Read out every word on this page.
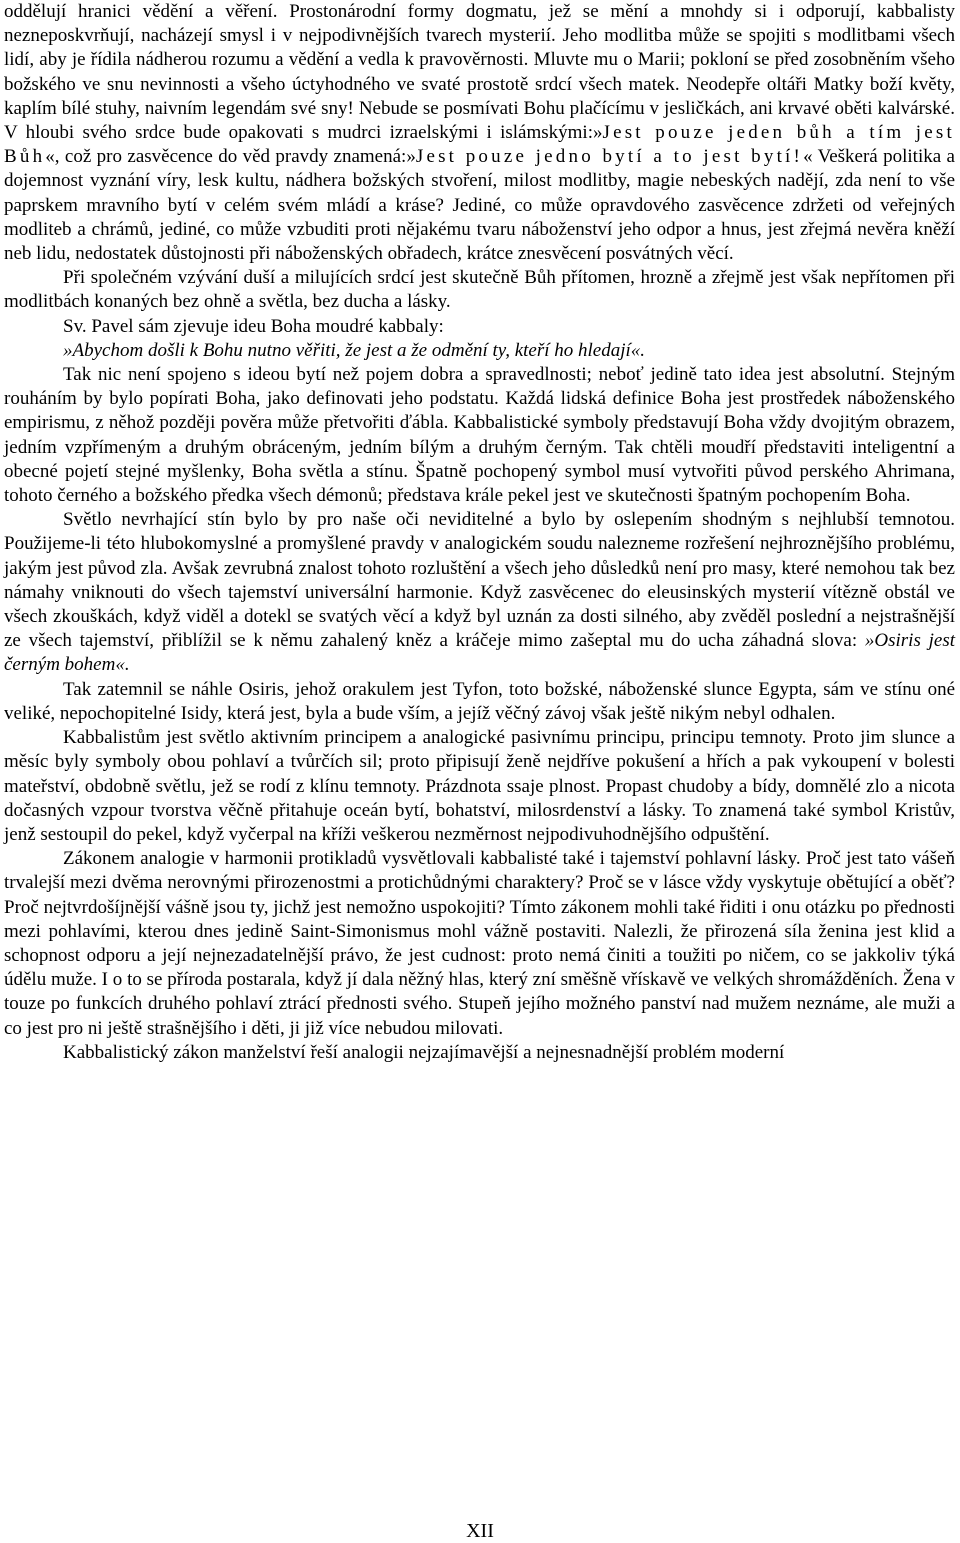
oddělují hranici vědění a věření. Prostonárodní formy dogmatu, jež se mění a mnohdy si i odporují, kabbalisty nezneposkvrňují, nacházejí smysl i v nejpodivnějších tvarech mysterií. Jeho modlitba může se spojiti s modlitbami všech lidí, aby je řídila nádherou rozumu a vědění a vedla k pravověrnosti. Mluvte mu o Marii; pokloní se před zosobněním všeho božského ve snu nevinnosti a všeho úctyhodného ve svaté prostotě srdcí všech matek. Neodepře oltáři Matky boží květy, kaplím bílé stuhy, naivním legendám své sny! Nebude se posmívati Bohu plačícímu v jesličkách, ani krvavé oběti kalvárské. V hloubi svého srdce bude opakovati s mudrci izraelskými i islámskými:»Jest pouze jeden bůh a tím jest Bůh«, což pro zasvěcence do věd pravdy znamená:»Jest pouze jedno bytí a to jest bytí!« Veškerá politika a dojemnost vyznání víry, lesk kultu, nádhera božských stvoření, milost modlitby, magie nebeských nadějí, zda není to vše paprskem mravního bytí v celém svém mládí a kráse? Jediné, co může opravdového zasvěcence zdržeti od veřejných modliteb a chrámů, jediné, co může vzbuditi proti nějakému tvaru náboženství jeho odpor a hnus, jest zřejmá nevěra kněží neb lidu, nedostatek důstojnosti při náboženských obřadech, krátce znesvěcení posvátných věcí.

Při společném vzývání duší a milujících srdcí jest skutečně Bůh přítomen, hrozně a zřejmě jest však nepřítomen při modlitbách konaných bez ohně a světla, bez ducha a lásky.

Sv. Pavel sám zjevuje ideu Boha moudré kabbaly:

»Abychom došli k Bohu nutno věřiti, že jest a že odmění ty, kteří ho hledají«.

Tak nic není spojeno s ideou bytí než pojem dobra a spravedlnosti; neboť jedině tato idea jest absolutní. Stejným rouháním by bylo popírati Boha, jako definovati jeho podstatu. Každá lidská definice Boha jest prostředek náboženského empirismu, z něhož později pověra může přetvořiti ďábla. Kabbalistické symboly představují Boha vždy dvojitým obrazem, jedním vzpřímeným a druhým obráceným, jedním bílým a druhým černým. Tak chtěli moudří představiti inteligentní a obecné pojetí stejné myšlenky, Boha světla a stínu. Špatně pochopený symbol musí vytvořiti původ perského Ahrimana, tohoto černého a božského předka všech démonů; představa krále pekel jest ve skutečnosti špatným pochopením Boha.

Světlo nevrhající stín bylo by pro naše oči neviditelné a bylo by oslepením shodným s nejhlubší temnotou. Použijeme-li této hlubokomyslné a promyšlené pravdy v analogickém soudu nalezneme rozřešení nejhroznějšího problému, jakým jest původ zla. Avšak zevrubná znalost tohoto rozluštění a všech jeho důsledků není pro masy, které nemohou tak bez námahy vniknouti do všech tajemství universální harmonie. Když zasvěcenec do eleusinských mysterií vítězně obstál ve všech zkouškách, když viděl a dotekl se svatých věcí a když byl uznán za dosti silného, aby zvěděl poslední a nejstrašnější ze všech tajemství, přiblížil se k němu zahalený kněz a kráčeje mimo zašeptal mu do ucha záhadná slova: »Osiris jest černým bohem«.

Tak zatemnil se náhle Osiris, jehož orakulem jest Tyfon, toto božské, náboženské slunce Egypta, sám ve stínu oné veliké, nepochopitelné Isidy, která jest, byla a bude vším, a jejíž věčný závoj však ještě nikým nebyl odhalen.

Kabbalistům jest světlo aktivním principem a analogické pasivnímu principu, principu temnoty. Proto jim slunce a měsíc byly symboly obou pohlaví a tvůrčích sil; proto připisují ženě nejdříve pokušení a hřích a pak vykoupení v bolesti mateřství, obdobně světlu, jež se rodí z klínu temnoty. Prázdnota ssaje plnost. Propast chudoby a bídy, domnělé zlo a nicota dočasných vzpour tvorstva věčně přitahuje oceán bytí, bohatství, milosrdenství a lásky. To znamená také symbol Kristův, jenž sestoupil do pekel, když vyčerpal na kříži veškerou nezměrnost nejpodivuhodnějšího odpuštění.

Zákonem analogie v harmonii protikladů vysvětlovali kabbalisté také i tajemství pohlavní lásky. Proč jest tato vášeň trvalejší mezi dvěma nerovnými přirozenostmi a protichůdnými charaktery? Proč se v lásce vždy vyskytuje obětující a oběť? Proč nejtvrdošíjnější vášně jsou ty, jichž jest nemožno uspokojiti? Tímto zákonem mohli také řiditi i onu otázku po přednosti mezi pohlavími, kterou dnes jedině Saint-Simonismus mohl vážně postaviti. Nalezli, že přirozená síla ženina jest klid a schopnost odporu a její nejnezadatelnější právo, že jest cudnost: proto nemá činiti a toužiti po ničem, co se jakkoliv týká údělu muže. I o to se příroda postarala, když jí dala něžný hlas, který zní směšně vřískavě ve velkých shromážděních. Žena v touze po funkcích druhého pohlaví ztrácí přednosti svého. Stupeň jejího možného panství nad mužem neznáme, ale muži a co jest pro ni ještě strašnějšího i děti, ji již více nebudou milovati.

Kabbalistický zákon manželství řeší analogii nejzajímavější a nejnesnadnější problém moderní

XII
